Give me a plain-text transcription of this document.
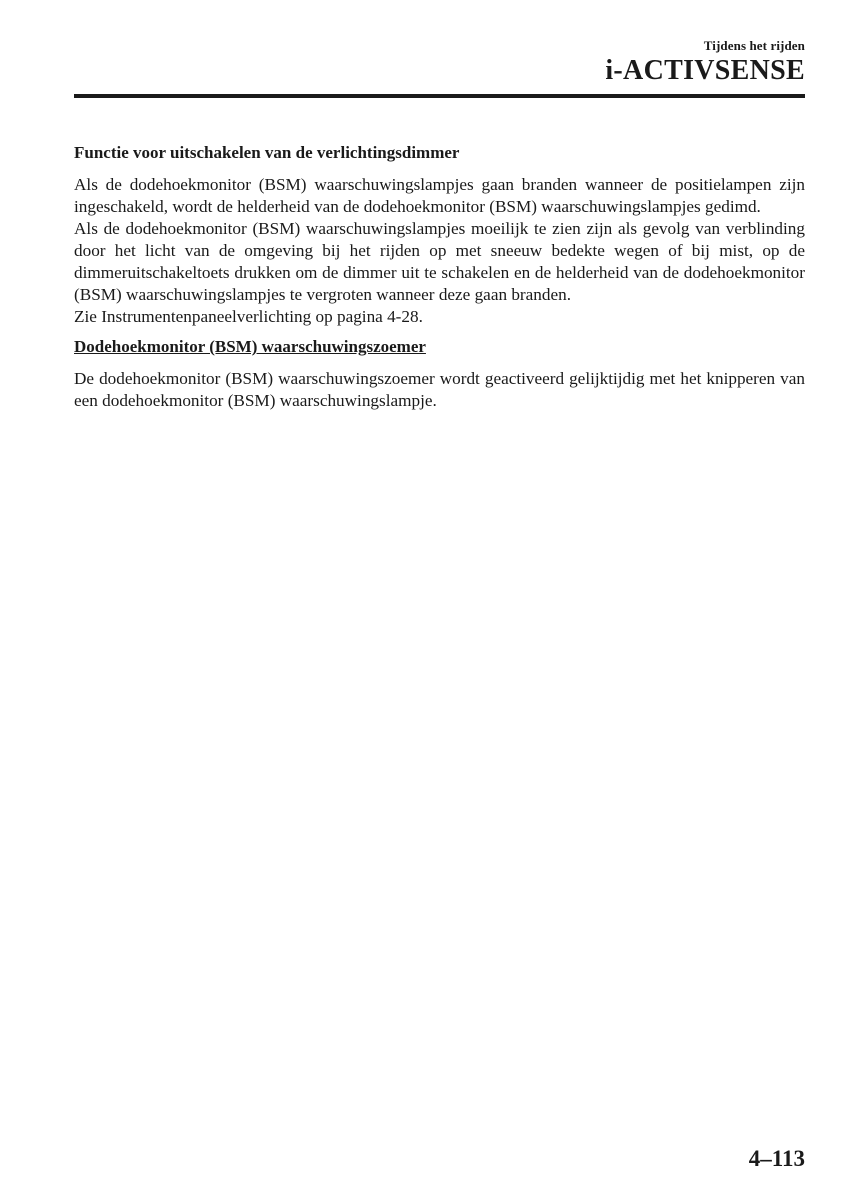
Tijdens het rijden
i-ACTIVSENSE
Functie voor uitschakelen van de verlichtingsdimmer

Als de dodehoekmonitor (BSM) waarschuwingslampjes gaan branden wanneer de positielampen zijn ingeschakeld, wordt de helderheid van de dodehoekmonitor (BSM) waarschuwingslampjes gedimd.

Als de dodehoekmonitor (BSM) waarschuwingslampjes moeilijk te zien zijn als gevolg van verblinding door het licht van de omgeving bij het rijden op met sneeuw bedekte wegen of bij mist, op de dimmeruitschakeltoets drukken om de dimmer uit te schakelen en de helderheid van de dodehoekmonitor (BSM) waarschuwingslampjes te vergroten wanneer deze gaan branden.

Zie Instrumentenpaneelverlichting op pagina 4-28.

Dodehoekmonitor (BSM) waarschuwingszoemer

De dodehoekmonitor (BSM) waarschuwingszoemer wordt geactiveerd gelijktijdig met het knipperen van een dodehoekmonitor (BSM) waarschuwingslampje.

4–113
